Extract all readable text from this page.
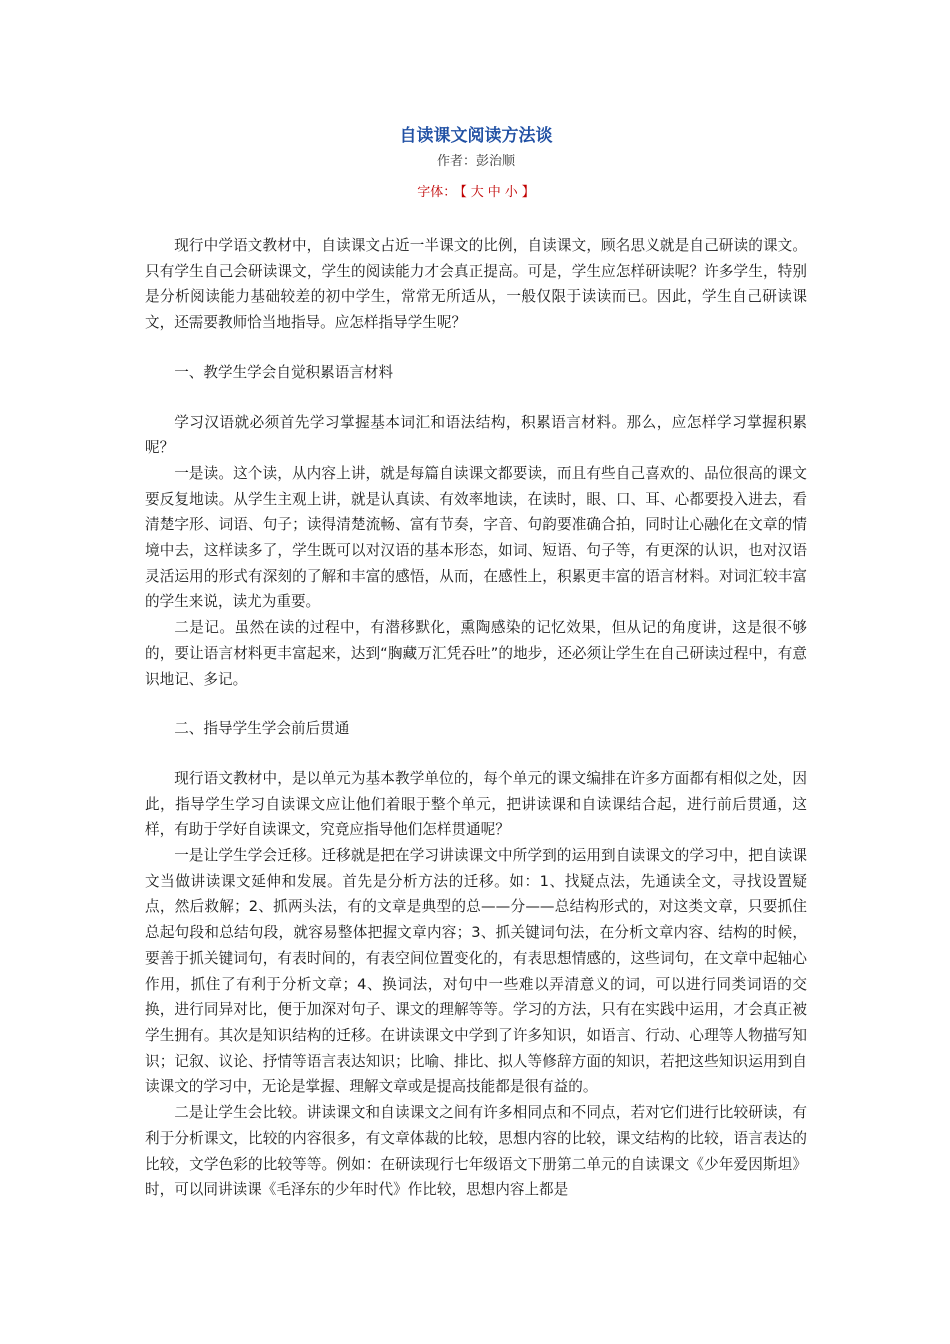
自读课文阅读方法谈
作者：彭治顺
字体： 【 大 中 小 】

现行中学语文教材中，自读课文占近一半课文的比例，自读课文，顾名思义就是自己研读的课文。只有学生自己会研读课文，学生的阅读能力才会真正提高。可是，学生应怎样研读呢？许多学生，特别是分析阅读能力基础较差的初中学生，常常无所适从，一般仅限于读读而已。因此，学生自己研读课文，还需要教师恰当地指导。应怎样指导学生呢？

一、教学生学会自觉积累语言材料

学习汉语就必须首先学习掌握基本词汇和语法结构，积累语言材料。那么，应怎样学习掌握积累呢？

一是读。这个读，从内容上讲，就是每篇自读课文都要读，而且有些自己喜欢的、品位很高的课文要反复地读。从学生主观上讲，就是认真读、有效率地读，在读时，眼、口、耳、心都要投入进去，看清楚字形、词语、句子；读得清楚流畅、富有节奏，字音、句韵要准确合拍，同时让心融化在文章的情境中去，这样读多了，学生既可以对汉语的基本形态，如词、短语、句子等，有更深的认识，也对汉语灵活运用的形式有深刻的了解和丰富的感悟，从而，在感性上，积累更丰富的语言材料。对词汇较丰富的学生来说，读尤为重要。

二是记。虽然在读的过程中，有潜移默化，熏陶感染的记忆效果，但从记的角度讲，这是很不够的，要让语言材料更丰富起来，达到“胸藏万汇凭吞吐”的地步，还必须让学生在自己研读过程中，有意识地记、多记。

二、指导学生学会前后贯通

现行语文教材中，是以单元为基本教学单位的，每个单元的课文编排在许多方面都有相似之处，因此，指导学生学习自读课文应让他们着眼于整个单元，把讲读课和自读课结合起，进行前后贯通，这样，有助于学好自读课文，究竟应指导他们怎样贯通呢？

一是让学生学会迁移。迁移就是把在学习讲读课文中所学到的运用到自读课文的学习中，把自读课文当做讲读课文延伸和发展。首先是分析方法的迁移。如：1、找疑点法，先通读全文，寻找设置疑点，然后救解；2、抓两头法，有的文章是典型的总——分——总结构形式的，对这类文章，只要抓住总起句段和总结句段，就容易整体把握文章内容；3、抓关键词句法，在分析文章内容、结构的时候，要善于抓关键词句，有表时间的，有表空间位置变化的，有表思想情感的，这些词句，在文章中起轴心作用，抓住了有利于分析文章；4、换词法，对句中一些难以弄清意义的词，可以进行同类词语的交换，进行同异对比，便于加深对句子、课文的理解等等。学习的方法，只有在实践中运用，才会真正被学生拥有。其次是知识结构的迁移。在讲读课文中学到了许多知识，如语言、行动、心理等人物描写知识；记叙、议论、抒情等语言表达知识；比喻、排比、拟人等修辞方面的知识，若把这些知识运用到自读课文的学习中，无论是掌握、理解文章或是提高技能都是很有益的。

二是让学生会比较。讲读课文和自读课文之间有许多相同点和不同点，若对它们进行比较研读，有利于分析课文，比较的内容很多，有文章体裁的比较，思想内容的比较，课文结构的比较，语言表达的比较，文学色彩的比较等等。例如：在研读现行七年级语文下册第二单元的自读课文《少年爱因斯坦》时，可以同讲读课《毛泽东的少年时代》作比较，思想内容上都是
